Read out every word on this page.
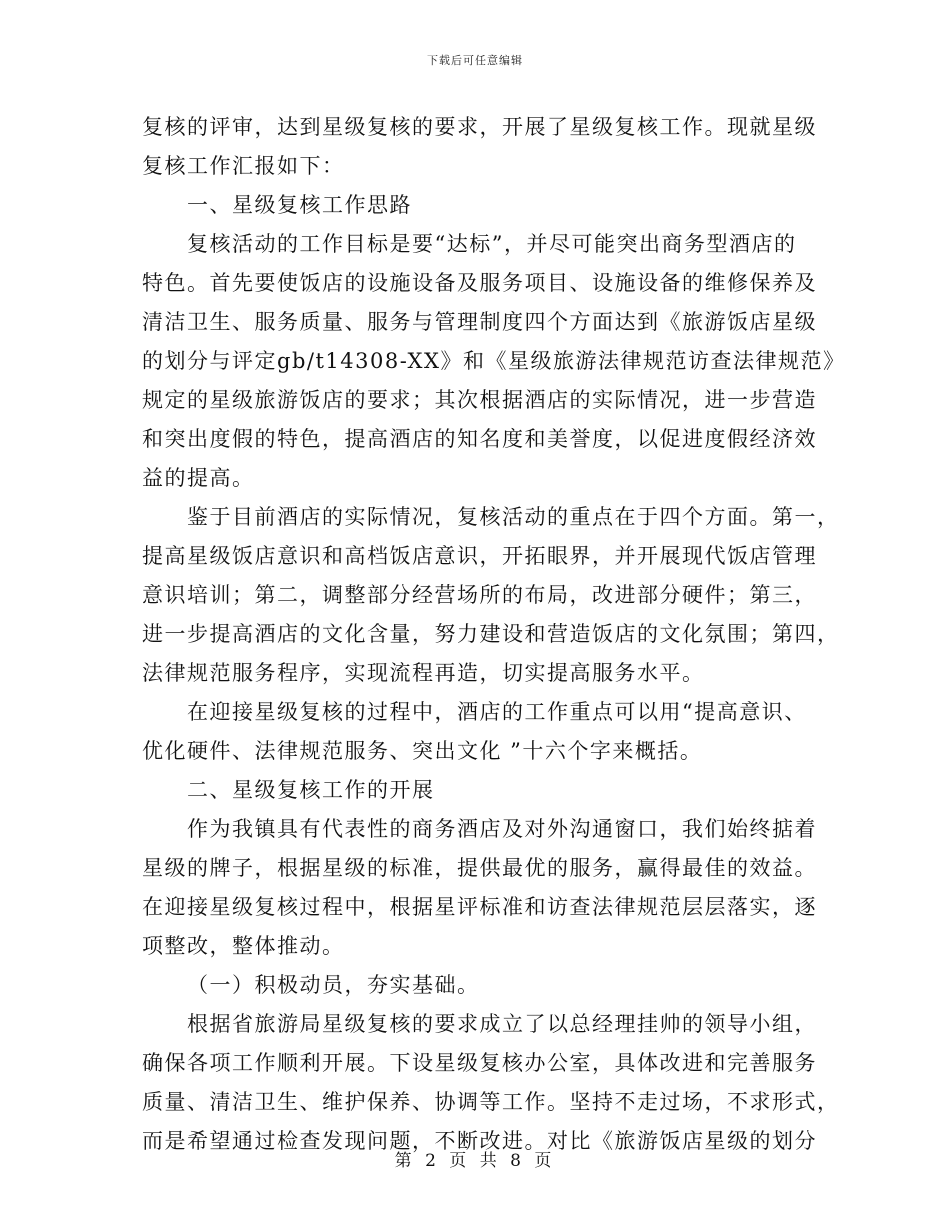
下载后可任意编辑
复核的评审，达到星级复核的要求，开展了星级复核工作。现就星级
复核工作汇报如下：
一、星级复核工作思路
复核活动的工作目标是要“达标”，并尽可能突出商务型酒店的
特色。首先要使饭店的设施设备及服务项目、设施设备的维修保养及
清洁卫生、服务质量、服务与管理制度四个方面达到《旅游饭店星级
的划分与评定gb/t14308-XX》和《星级旅游法律规范访查法律规范》
规定的星级旅游饭店的要求；其次根据酒店的实际情况，进一步营造
和突出度假的特色，提高酒店的知名度和美誉度，以促进度假经济效
益的提高。
鉴于目前酒店的实际情况，复核活动的重点在于四个方面。第一，
提高星级饭店意识和高档饭店意识，开拓眼界，并开展现代饭店管理
意识培训；第二，调整部分经营场所的布局，改进部分硬件；第三，
进一步提高酒店的文化含量，努力建设和营造饭店的文化氛围；第四，
法律规范服务程序，实现流程再造，切实提高服务水平。
在迎接星级复核的过程中，酒店的工作重点可以用“提高意识、
优化硬件、法律规范服务、突出文化 ”十六个字来概括。
二、星级复核工作的开展
作为我镇具有代表性的商务酒店及对外沟通窗口，我们始终掂着
星级的牌子，根据星级的标准，提供最优的服务，赢得最佳的效益。
在迎接星级复核过程中，根据星评标准和访查法律规范层层落实，逐
项整改，整体推动。
（一）积极动员，夯实基础。
根据省旅游局星级复核的要求成立了以总经理挂帅的领导小组，
确保各项工作顺利开展。下设星级复核办公室，具体改进和完善服务
质量、清洁卫生、维护保养、协调等工作。坚持不走过场，不求形式，
而是希望通过检查发现问题，不断改进。对比《旅游饭店星级的划分
第 2 页 共 8 页
